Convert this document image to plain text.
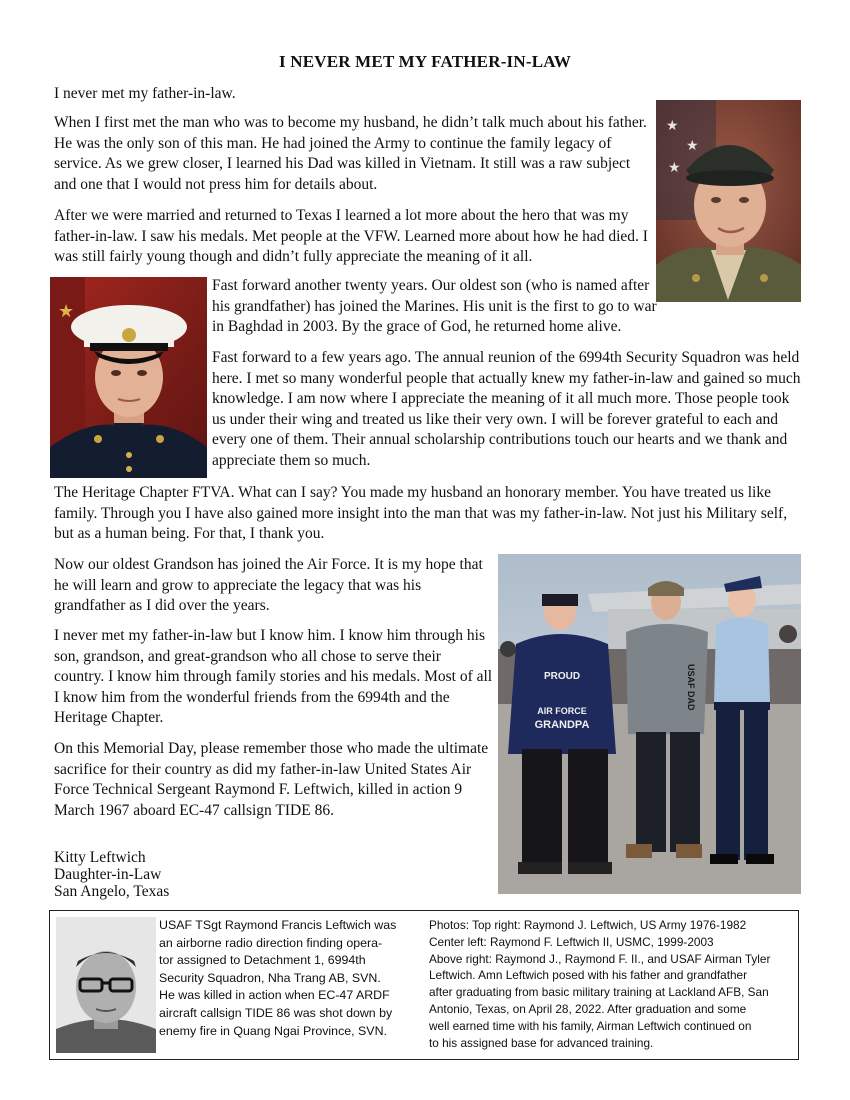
I NEVER MET MY FATHER-IN-LAW

I never met my father-in-law.

When I first met the man who was to become my husband, he didn’t talk much about his father. He was the only son of this man. He had joined the Army to continue the family legacy of service. As we grew closer, I learned his Dad was killed in Vietnam. It still was a raw subject and one that I would not press him for details about.

After we were married and returned to Texas I learned a lot more about the hero that was my father-in-law. I saw his medals. Met people at the VFW. Learned more about how he had died. I was still fairly young though and didn’t fully appreciate the meaning of it all.

★
★
★
★

Fast forward another twenty years. Our oldest son (who is named after his grandfather) has joined the Marines. His unit is the first to go to war in Baghdad in 2003. By the grace of God, he returned home alive.

Fast forward to a few years ago. The annual reunion of the 6994th Security Squadron was held here. I met so many wonderful people that actually knew my father-in-law and gained so much knowledge. I am now where I appreciate the meaning of it all much more. Those people took us under their wing and treated us like their very own. I will be forever grateful to each and every one of them. Their annual scholarship contributions touch our hearts and we thank and appreciate them so much.

The Heritage Chapter FTVA. What can I say? You made my husband an honorary member. You have treated us like family. Through you I have also gained more insight into the man that was my father-in-law. Not just his Military self, but as a human being. For that, I thank you.

Now our oldest Grandson has joined the Air Force. It is my hope that he will learn and grow to appreciate the legacy that was his grandfather as I did over the years.

I never met my father-in-law but I know him. I know him through his son, grandson, and great-grandson who all chose to serve their country. I know him through family stories and his medals. Most of all I know him from the wonderful friends from the 6994th and the Heritage Chapter.

On this Memorial Day, please remember those who made the ultimate sacrifice for their country as did my father-in-law United States Air Force Technical Sergeant Raymond F. Leftwich, killed in action 9 March 1967 aboard EC-47 callsign TIDE 86.

PROUD
AIR FORCE
GRANDPA
USAF DAD
Kitty Leftwich
Daughter-in-Law
San Angelo, Texas
USAF TSgt Raymond Francis Leftwich was
an airborne radio direction finding opera-
tor assigned to Detachment 1, 6994th
Security Squadron, Nha Trang AB, SVN.
He was killed in action when EC-47 ARDF
aircraft callsign TIDE 86 was shot down by
enemy fire in Quang Ngai Province, SVN.
Photos: Top right: Raymond J. Leftwich, US Army 1976-1982
Center left: Raymond F. Leftwich II, USMC, 1999-2003
Above right: Raymond J., Raymond F. II., and USAF Airman Tyler
Leftwich. Amn Leftwich posed with his father and grandfather
after graduating from basic military training at Lackland AFB, San
Antonio, Texas, on April 28, 2022. After graduation and some
well earned time with his family, Airman Leftwich continued on
to his assigned base for advanced training.
